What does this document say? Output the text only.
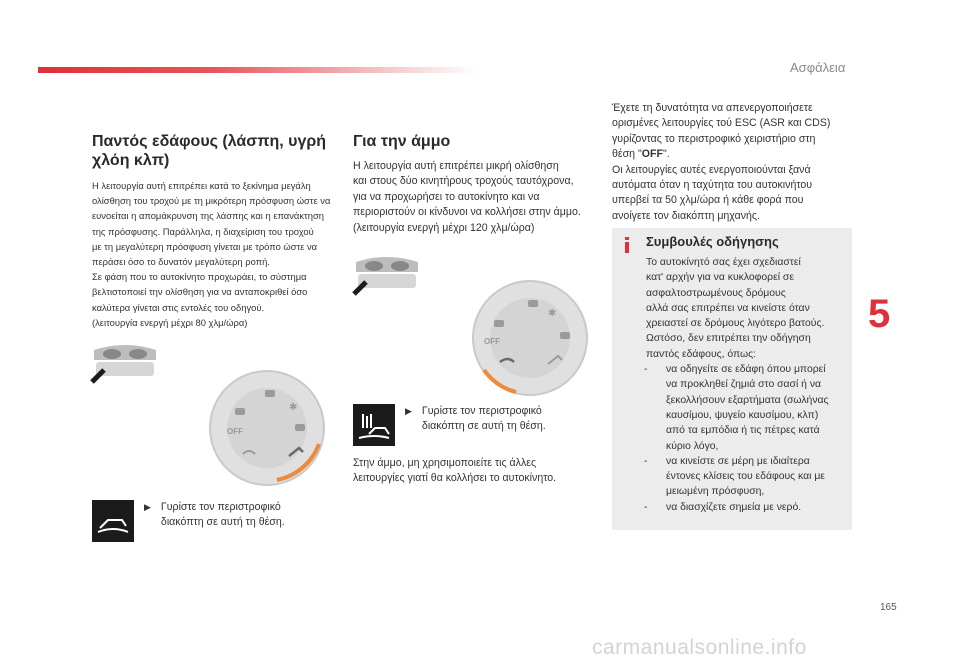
Ασφάλεια
Παντός εδάφους (λάσπη, υγρή
χλόη κλπ)

Η λειτουργία αυτή επιτρέπει κατά το ξεκίνημα μεγάλη
ολίσθηση του τροχού με τη μικρότερη πρόσφυση ώστε να
ευνοείται η απομάκρυνση της λάσπης και η επανάκτηση
της πρόσφυσης. Παράλληλα, η διαχείριση του τροχού
με τη μεγαλύτερη πρόσφυση γίνεται με τρόπο ώστε να
περάσει όσο το δυνατόν μεγαλύτερη ροπή.
Σε φάση που το αυτοκίνητο προχωράει, το σύστημα
βελτιστοποιεί την ολίσθηση για να ανταποκριθεί όσο
καλύτερα γίνεται στις εντολές του οδηγού.
(λειτουργία ενεργή μέχρι 80 χλμ/ώρα)

OFF
✱
▶ Γυρίστε τον περιστροφικό
διακόπτη σε αυτή τη θέση.
Για την άμμο

Η λειτουργία αυτή επιτρέπει μικρή ολίσθηση
και στους δύο κινητήρους τροχούς ταυτόχρονα,
για να προχωρήσει το αυτοκίνητο και να
περιοριστούν οι κίνδυνοι να κολλήσει στην άμμο.
(λειτουργία ενεργή μέχρι 120 χλμ/ώρα)

OFF
✱
▶ Γυρίστε τον περιστροφικό
διακόπτη σε αυτή τη θέση.

Στην άμμο, μη χρησιμοποιείτε τις άλλες
λειτουργίες γιατί θα κολλήσει το αυτοκίνητο.

Έχετε τη δυνατότητα να απενεργοποιήσετε
ορισμένες λειτουργίες τού ESC (ASR και CDS)
γυρίζοντας το περιστροφικό χειριστήριο στη
θέση "OFF".

Οι λειτουργίες αυτές ενεργοποιούνται ξανά
αυτόματα όταν η ταχύτητα του αυτοκινήτου
υπερβεί τα 50 χλμ/ώρα ή κάθε φορά που
ανοίγετε τον διακόπτη μηχανής.

Συμβουλές οδήγησης

Το αυτοκίνητό σας έχει σχεδιαστεί
κατ' αρχήν για να κυκλοφορεί σε
ασφαλτοστρωμένους δρόμους
αλλά σας επιτρέπει να κινείστε όταν
χρειαστεί σε δρόμους λιγότερο βατούς.
Ωστόσο, δεν επιτρέπει την οδήγηση
παντός εδάφους, όπως:

- να οδηγείτε σε εδάφη όπου μπορεί
να προκληθεί ζημιά στο σασί ή να
ξεκολλήσουν εξαρτήματα (σωλήνας
καυσίμου, ψυγείο καυσίμου, κλπ)
από τα εμπόδια ή τις πέτρες κατά
κύριο λόγο,
- να κινείστε σε μέρη με ιδιαίτερα
έντονες κλίσεις του εδάφους και με
μειωμένη πρόσφυση,
- να διασχίζετε σημεία με νερό.
5
165
carmanualsonline.info
